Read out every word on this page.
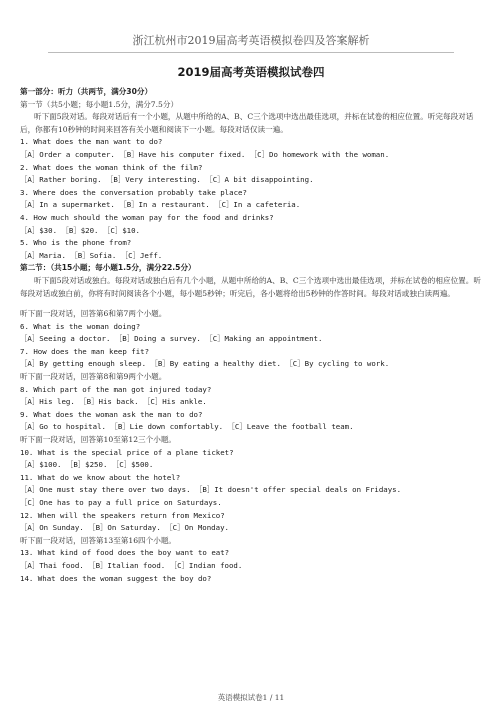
浙江杭州市2019届高考英语模拟卷四及答案解析
2019届高考英语模拟试卷四
第一部分：听力（共两节，满分30分）
第一节（共5小题；每小题1.5分，满分7.5分）
听下面5段对话。每段对话后有一个小题，从题中所给的A、B、C三个选项中选出最佳选项，并标在试卷的相应位置。听完每段对话后，你都有10秒钟的时间来回答有关小题和阅读下一小题。每段对话仅读一遍。
1. What does the man want to do?
［A］Order a computer. ［B］Have his computer fixed. ［C］Do homework with the woman.
2. What does the woman think of the film?
［A］Rather boring. ［B］Very interesting. ［C］A bit disappointing.
3. Where does the conversation probably take place?
［A］In a supermarket. ［B］In a restaurant. ［C］In a cafeteria.
4. How much should the woman pay for the food and drinks?
［A］$30. ［B］$20. ［C］$10.
5. Who is the phone from?
［A］Maria. ［B］Sofia. ［C］Jeff.
第二节：（共15小题；每小题1.5分，满分22.5分）
听下面5段对话或独白。每段对话或独白后有几个小题，从题中所给的A、B、C三个选项中选出最佳选项，并标在试卷的相应位置。听每段对话或独白前，你将有时间阅读各个小题，每小题5秒钟；听完后，各小题将给出5秒钟的作答时间。每段对话或独白读两遍。
听下面一段对话，回答第6和第7两个小题。
6. What is the woman doing?
［A］Seeing a doctor. ［B］Doing a survey. ［C］Making an appointment.
7. How does the man keep fit?
［A］By getting enough sleep. ［B］By eating a healthy diet. ［C］By cycling to work.
听下面一段对话，回答第8和第9两个小题。
8. Which part of the man got injured today?
［A］His leg. ［B］His back. ［C］His ankle.
9. What does the woman ask the man to do?
［A］Go to hospital. ［B］Lie down comfortably. ［C］Leave the football team.
听下面一段对话，回答第10至第12三个小题。
10. What is the special price of a plane ticket?
［A］$100. ［B］$250. ［C］$500.
11. What do we know about the hotel?
［A］One must stay there over two days. ［B］It doesn't offer special deals on Fridays.
［C］One has to pay a full price on Saturdays.
12. When will the speakers return from Mexico?
［A］On Sunday. ［B］On Saturday. ［C］On Monday.
听下面一段对话，回答第13至第16四个小题。
13. What kind of food does the boy want to eat?
［A］Thai food. ［B］Italian food. ［C］Indian food.
14. What does the woman suggest the boy do?
英语模拟试卷1 / 11
